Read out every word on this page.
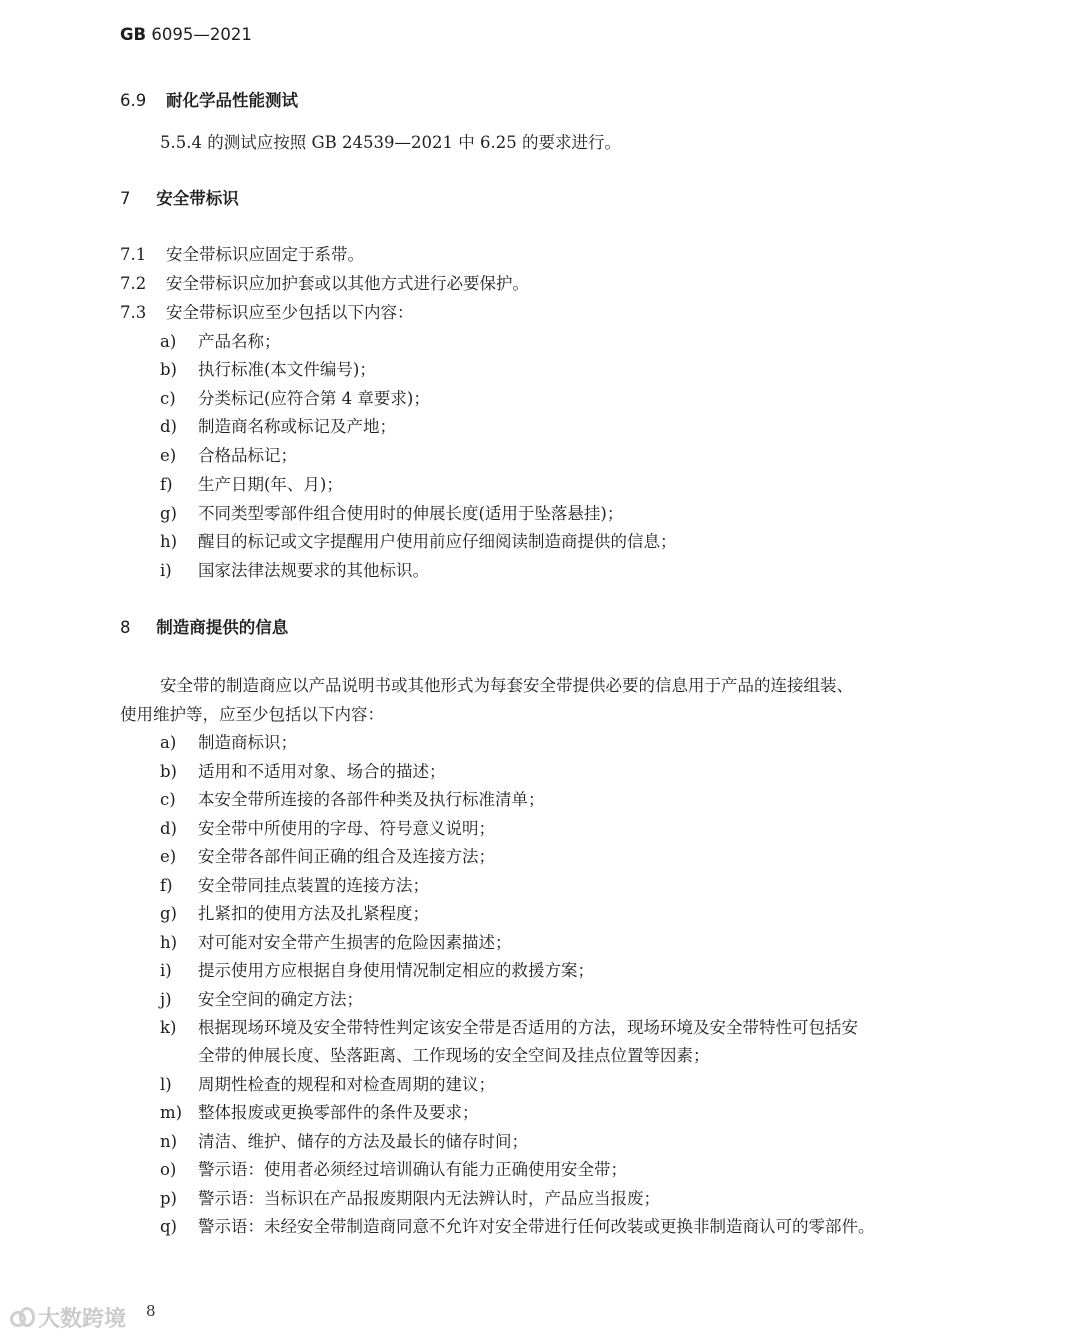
GB 6095—2021
6.9 耐化学品性能测试
5.5.4 的测试应按照 GB 24539—2021 中 6.25 的要求进行。
7 安全带标识
7.1 安全带标识应固定于系带。
7.2 安全带标识应加护套或以其他方式进行必要保护。
7.3 安全带标识应至少包括以下内容：
a) 产品名称；
b) 执行标准(本文件编号)；
c) 分类标记(应符合第 4 章要求)；
d) 制造商名称或标记及产地；
e) 合格品标记；
f) 生产日期(年、月)；
g) 不同类型零部件组合使用时的伸展长度(适用于坠落悬挂)；
h) 醒目的标记或文字提醒用户使用前应仔细阅读制造商提供的信息；
i) 国家法律法规要求的其他标识。
8 制造商提供的信息
安全带的制造商应以产品说明书或其他形式为每套安全带提供必要的信息用于产品的连接组装、
使用维护等，应至少包括以下内容：
a) 制造商标识；
b) 适用和不适用对象、场合的描述；
c) 本安全带所连接的各部件种类及执行标准清单；
d) 安全带中所使用的字母、符号意义说明；
e) 安全带各部件间正确的组合及连接方法；
f) 安全带同挂点装置的连接方法；
g) 扎紧扣的使用方法及扎紧程度；
h) 对可能对安全带产生损害的危险因素描述；
i) 提示使用方应根据自身使用情况制定相应的救援方案；
j) 安全空间的确定方法；
k) 根据现场环境及安全带特性判定该安全带是否适用的方法，现场环境及安全带特性可包括安
全带的伸展长度、坠落距离、工作现场的安全空间及挂点位置等因素；
l) 周期性检查的规程和对检查周期的建议；
m) 整体报废或更换零部件的条件及要求；
n) 清洁、维护、储存的方法及最长的储存时间；
o) 警示语：使用者必须经过培训确认有能力正确使用安全带；
p) 警示语：当标识在产品报废期限内无法辨认时，产品应当报废；
q) 警示语：未经安全带制造商同意不允许对安全带进行任何改装或更换非制造商认可的零部件。
大数跨境 8
